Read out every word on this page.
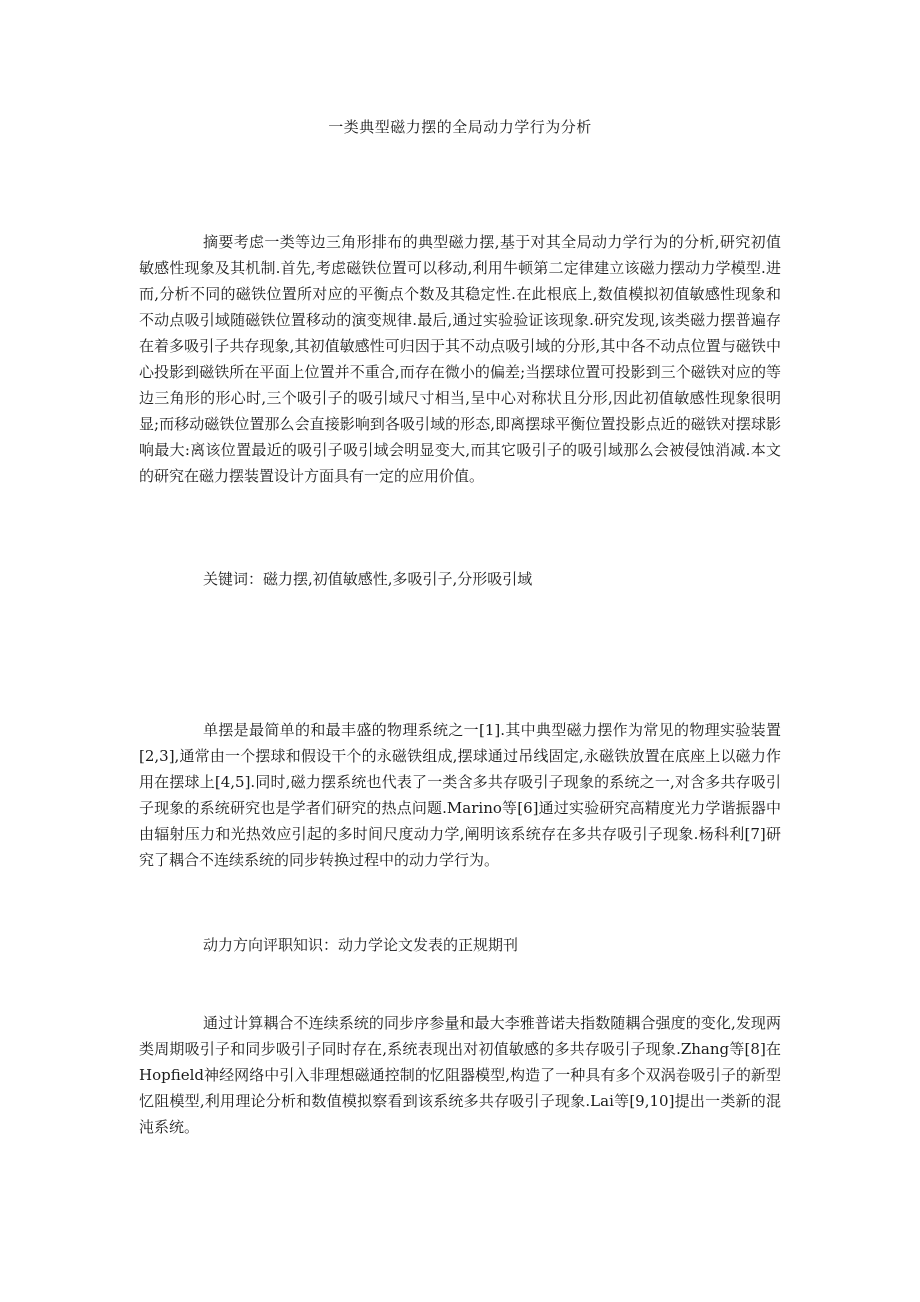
一类典型磁力摆的全局动力学行为分析

摘要考虑一类等边三角形排布的典型磁力摆,基于对其全局动力学行为的分析,研究初值敏感性现象及其机制.首先,考虑磁铁位置可以移动,利用牛顿第二定律建立该磁力摆动力学模型.进而,分析不同的磁铁位置所对应的平衡点个数及其稳定性.在此根底上,数值模拟初值敏感性现象和不动点吸引域随磁铁位置移动的演变规律.最后,通过实验验证该现象.研究发现,该类磁力摆普遍存在着多吸引子共存现象,其初值敏感性可归因于其不动点吸引域的分形,其中各不动点位置与磁铁中心投影到磁铁所在平面上位置并不重合,而存在微小的偏差;当摆球位置可投影到三个磁铁对应的等边三角形的形心时,三个吸引子的吸引域尺寸相当,呈中心对称状且分形,因此初值敏感性现象很明显;而移动磁铁位置那么会直接影响到各吸引域的形态,即离摆球平衡位置投影点近的磁铁对摆球影响最大:离该位置最近的吸引子吸引域会明显变大,而其它吸引子的吸引域那么会被侵蚀消减.本文的研究在磁力摆装置设计方面具有一定的应用价值。

关键词：磁力摆,初值敏感性,多吸引子,分形吸引域

单摆是最简单的和最丰盛的物理系统之一[1].其中典型磁力摆作为常见的物理实验装置[2,3],通常由一个摆球和假设干个的永磁铁组成,摆球通过吊线固定,永磁铁放置在底座上以磁力作用在摆球上[4,5].同时,磁力摆系统也代表了一类含多共存吸引子现象的系统之一,对含多共存吸引子现象的系统研究也是学者们研究的热点问题.Marino等[6]通过实验研究高精度光力学谐振器中由辐射压力和光热效应引起的多时间尺度动力学,阐明该系统存在多共存吸引子现象.杨科利[7]研究了耦合不连续系统的同步转换过程中的动力学行为。

动力方向评职知识：动力学论文发表的正规期刊

通过计算耦合不连续系统的同步序参量和最大李雅普诺夫指数随耦合强度的变化,发现两类周期吸引子和同步吸引子同时存在,系统表现出对初值敏感的多共存吸引子现象.Zhang等[8]在Hopfield神经网络中引入非理想磁通控制的忆阻器模型,构造了一种具有多个双涡卷吸引子的新型忆阻模型,利用理论分析和数值模拟察看到该系统多共存吸引子现象.Lai等[9,10]提出一类新的混沌系统。
